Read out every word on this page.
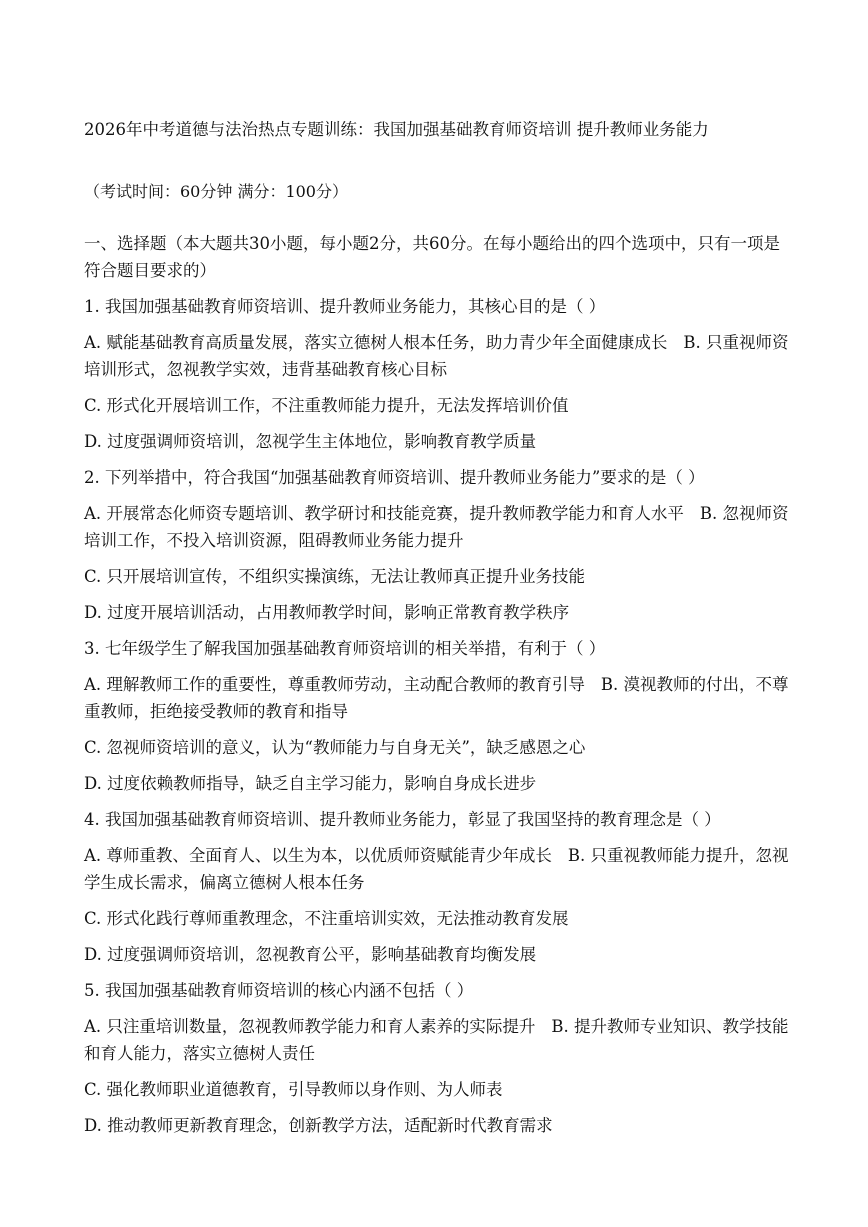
2026年中考道德与法治热点专题训练：我国加强基础教育师资培训 提升教师业务能力
（考试时间：60分钟 满分：100分）
一、选择题（本大题共30小题，每小题2分，共60分。在每小题给出的四个选项中，只有一项是符合题目要求的）
1. 我国加强基础教育师资培训、提升教师业务能力，其核心目的是（ ）
A. 赋能基础教育高质量发展，落实立德树人根本任务，助力青少年全面健康成长 B. 只重视师资培训形式，忽视教学实效，违背基础教育核心目标
C. 形式化开展培训工作，不注重教师能力提升，无法发挥培训价值
D. 过度强调师资培训，忽视学生主体地位，影响教育教学质量
2. 下列举措中，符合我国“加强基础教育师资培训、提升教师业务能力”要求的是（ ）
A. 开展常态化师资专题培训、教学研讨和技能竞赛，提升教师教学能力和育人水平 B. 忽视师资培训工作，不投入培训资源，阻碍教师业务能力提升
C. 只开展培训宣传，不组织实操演练，无法让教师真正提升业务技能
D. 过度开展培训活动，占用教师教学时间，影响正常教育教学秩序
3. 七年级学生了解我国加强基础教育师资培训的相关举措，有利于（ ）
A. 理解教师工作的重要性，尊重教师劳动，主动配合教师的教育引导 B. 漠视教师的付出，不尊重教师，拒绝接受教师的教育和指导
C. 忽视师资培训的意义，认为“教师能力与自身无关”，缺乏感恩之心
D. 过度依赖教师指导，缺乏自主学习能力，影响自身成长进步
4. 我国加强基础教育师资培训、提升教师业务能力，彰显了我国坚持的教育理念是（ ）
A. 尊师重教、全面育人、以生为本，以优质师资赋能青少年成长 B. 只重视教师能力提升，忽视学生成长需求，偏离立德树人根本任务
C. 形式化践行尊师重教理念，不注重培训实效，无法推动教育发展
D. 过度强调师资培训，忽视教育公平，影响基础教育均衡发展
5. 我国加强基础教育师资培训的核心内涵不包括（ ）
A. 只注重培训数量，忽视教师教学能力和育人素养的实际提升 B. 提升教师专业知识、教学技能和育人能力，落实立德树人责任
C. 强化教师职业道德教育，引导教师以身作则、为人师表
D. 推动教师更新教育理念，创新教学方法，适配新时代教育需求
